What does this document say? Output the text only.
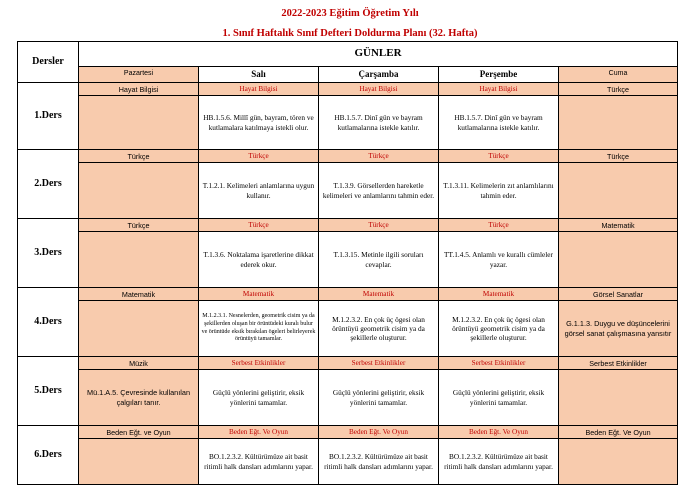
2022-2023 Eğitim Öğretim Yılı
1. Sınıf Haftalık Sınıf Defteri Doldurma Planı (32. Hafta)
Dersler	GÜNLER				
	Pazartesi	Salı	Çarşamba	Perşembe	Cuma
1.Ders	Hayat Bilgisi	Hayat Bilgisi	Hayat Bilgisi	Hayat Bilgisi	Türkçe
		HB.1.5.6. Millî gün, bayram, tören ve kutlamalara katılmaya istekli olur.	HB.1.5.7. Dinî gün ve bayram kutlamalarına istekle katılır.	HB.1.5.7. Dinî gün ve bayram kutlamalarına istekle katılır.	
2.Ders	Türkçe	Türkçe	Türkçe	Türkçe	Türkçe
		T.1.2.1. Kelimeleri anlamlarına uygun kullanır.	T.1.3.9. Görsellerden hareketle kelimeleri ve anlamlarını tahmin eder.	T.1.3.11. Kelimelerin zıt anlamlılarını tahmin eder.	
3.Ders	Türkçe	Türkçe	Türkçe	Türkçe	Matematik
		T.1.3.6. Noktalama işaretlerine dikkat ederek okur.	T.1.3.15. Metinle ilgili soruları cevaplar.	TT.1.4.5. Anlamlı ve kurallı cümleler yazar.	
4.Ders	Matematik	Matematik	Matematik	Matematik	Görsel Sanatlar
		M.1.2.3.1. Nesnelerden, geometrik cisim ya da şekillerden oluşan bir örüntüdeki kuralı bulur ve örüntüde eksik bırakılan ögeleri belirleyerek örüntüyü tamamlar.	M.1.2.3.2. En çok üç ögesi olan örüntüyü geometrik cisim ya da şekillerle oluşturur.	M.1.2.3.2. En çok üç ögesi olan örüntüyü geometrik cisim ya da şekillerle oluşturur.	G.1.1.3. Duygu ve düşüncelerini görsel sanat çalışmasına yansıtır
5.Ders	Müzik	Serbest Etkinlikler	Serbest Etkinlikler	Serbest Etkinlikler	Serbest Etkinlikler
	Mü.1.A.5. Çevresinde kullanılan çalgıları tanır.	Güçlü yönlerini geliştirir, eksik yönlerini tamamlar.	Güçlü yönlerini geliştirir, eksik yönlerini tamamlar.	Güçlü yönlerini geliştirir, eksik yönlerini tamamlar.	
6.Ders	Beden Eğt. ve Oyun	Beden Eğt. Ve Oyun	Beden Eğt. Ve Oyun	Beden Eğt. Ve Oyun	Beden Eğt. Ve Oyun
		BO.1.2.3.2. Kültürümüze ait basit ritimli halk dansları adımlarını yapar.	BO.1.2.3.2. Kültürümüze ait basit ritimli halk dansları adımlarını yapar.	BO.1.2.3.2. Kültürümüze ait basit ritimli halk dansları adımlarını yapar.	
